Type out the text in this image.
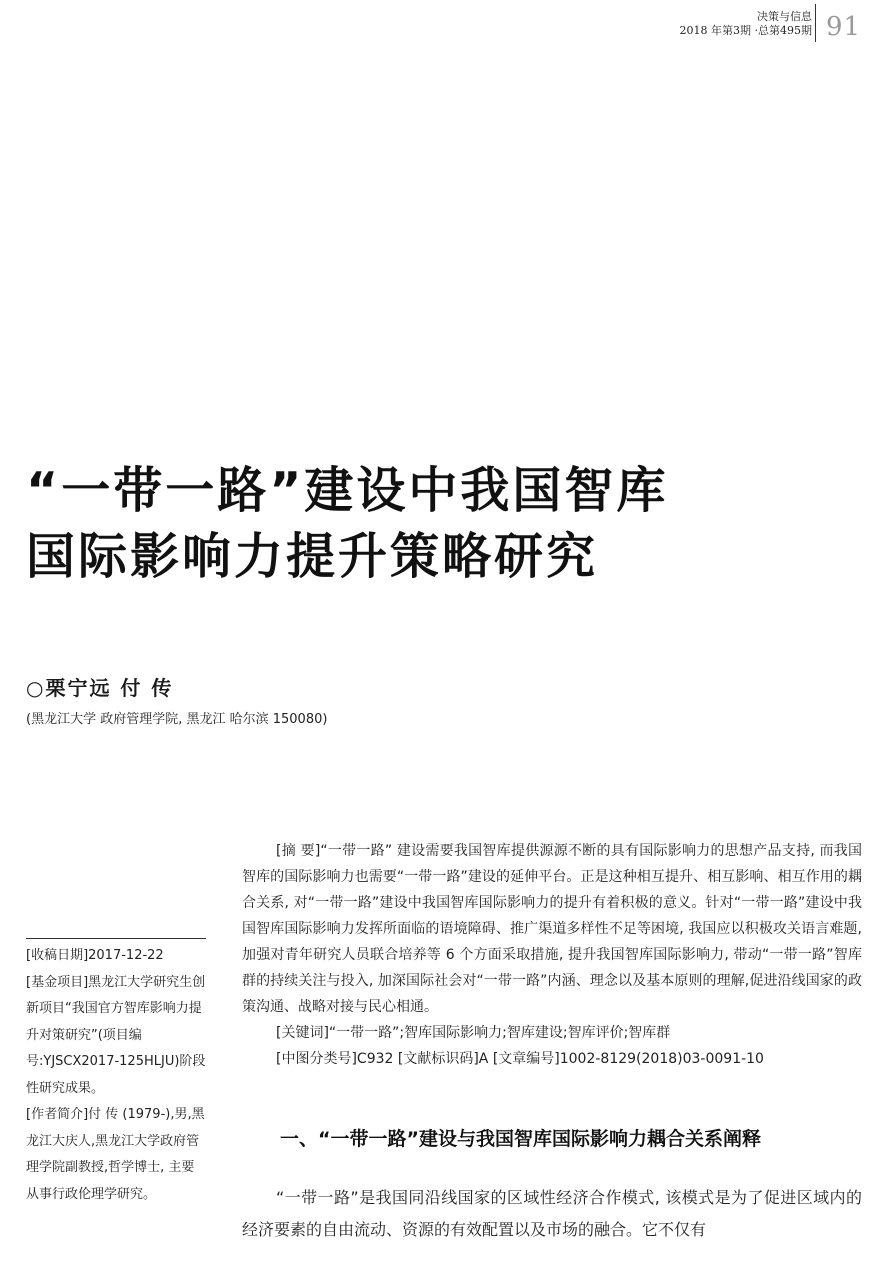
决策与信息
2018 年第3期 ·总第495期 91
“一带一路”建设中我国智库
国际影响力提升策略研究
○栗宁远 付 传
(黑龙江大学 政府管理学院, 黑龙江 哈尔滨 150080)

[收稿日期]2017-12-22

[基金项目]黑龙江大学研究生创新项目“我国官方智库影响力提升对策研究”(项目编号:YJSCX2017-125HLJU)阶段性研究成果。

[作者简介]付 传 (1979-),男,黑龙江大庆人,黑龙江大学政府管理学院副教授,哲学博士, 主要从事行政伦理学研究。

[摘 要]“一带一路” 建设需要我国智库提供源源不断的具有国际影响力的思想产品支持, 而我国智库的国际影响力也需要“一带一路”建设的延伸平台。正是这种相互提升、相互影响、相互作用的耦合关系, 对“一带一路”建设中我国智库国际影响力的提升有着积极的意义。针对“一带一路”建设中我国智库国际影响力发挥所面临的语境障碍、推广渠道多样性不足等困境, 我国应以积极攻关语言难题, 加强对青年研究人员联合培养等 6 个方面采取措施, 提升我国智库国际影响力, 带动“一带一路”智库群的持续关注与投入, 加深国际社会对“一带一路”内涵、理念以及基本原则的理解,促进沿线国家的政策沟通、战略对接与民心相通。

[关键词]“一带一路”;智库国际影响力;智库建设;智库评价;智库群

[中图分类号]C932 [文献标识码]A [文章编号]1002-8129(2018)03-0091-10

一、“一带一路”建设与我国智库国际影响力耦合关系阐释
“一带一路”是我国同沿线国家的区域性经济合作模式, 该模式是为了促进区域内的经济要素的自由流动、资源的有效配置以及市场的融合。它不仅有
